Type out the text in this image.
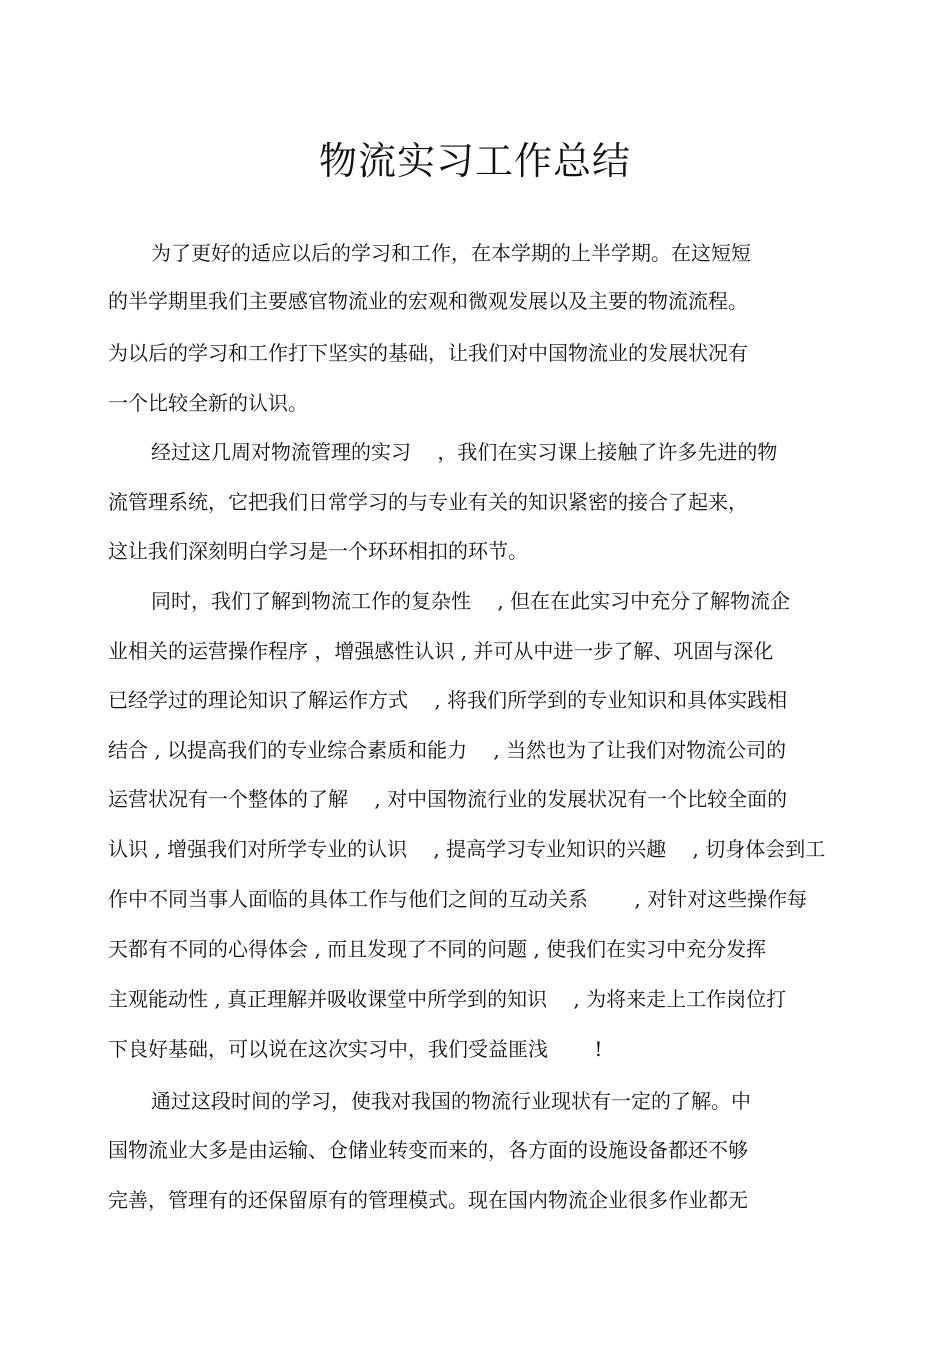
物流实习工作总结
为了更好的适应以后的学习和工作，在本学期的上半学期。在这短短
的半学期里我们主要感官物流业的宏观和微观发展以及主要的物流流程。
为以后的学习和工作打下坚实的基础，让我们对中国物流业的发展状况有
一个比较全新的认识。
经过这几周对物流管理的实习　 ，我们在实习课上接触了许多先进的物
流管理系统，它把我们日常学习的与专业有关的知识紧密的接合了起来，
这让我们深刻明白学习是一个环环相扣的环节。
同时，我们了解到物流工作的复杂性　 , 但在在此实习中充分了解物流企
业相关的运营操作程序 ，增强感性认识 , 并可从中进一步了解、巩固与深化
已经学过的理论知识了解运作方式 　, 将我们所学到的专业知识和具体实践相
结合 , 以提高我们的专业综合素质和能力　 , 当然也为了让我们对物流公司的
运营状况有一个整体的了解 　, 对中国物流行业的发展状况有一个比较全面的
认识 , 增强我们对所学专业的认识 　, 提高学习专业知识的兴趣 　, 切身体会到工
作中不同当事人面临的具体工作与他们之间的互动关系 　　, 对针对这些操作每
天都有不同的心得体会 , 而且发现了不同的问题 , 使我们在实习中充分发挥
主观能动性 , 真正理解并吸收课堂中所学到的知识 　, 为将来走上工作岗位打
下良好基础，可以说在这次实习中，我们受益匪浅　 　!
通过这段时间的学习，使我对我国的物流行业现状有一定的了解。中
国物流业大多是由运输、仓储业转变而来的，各方面的设施设备都还不够
完善，管理有的还保留原有的管理模式。现在国内物流企业很多作业都无
